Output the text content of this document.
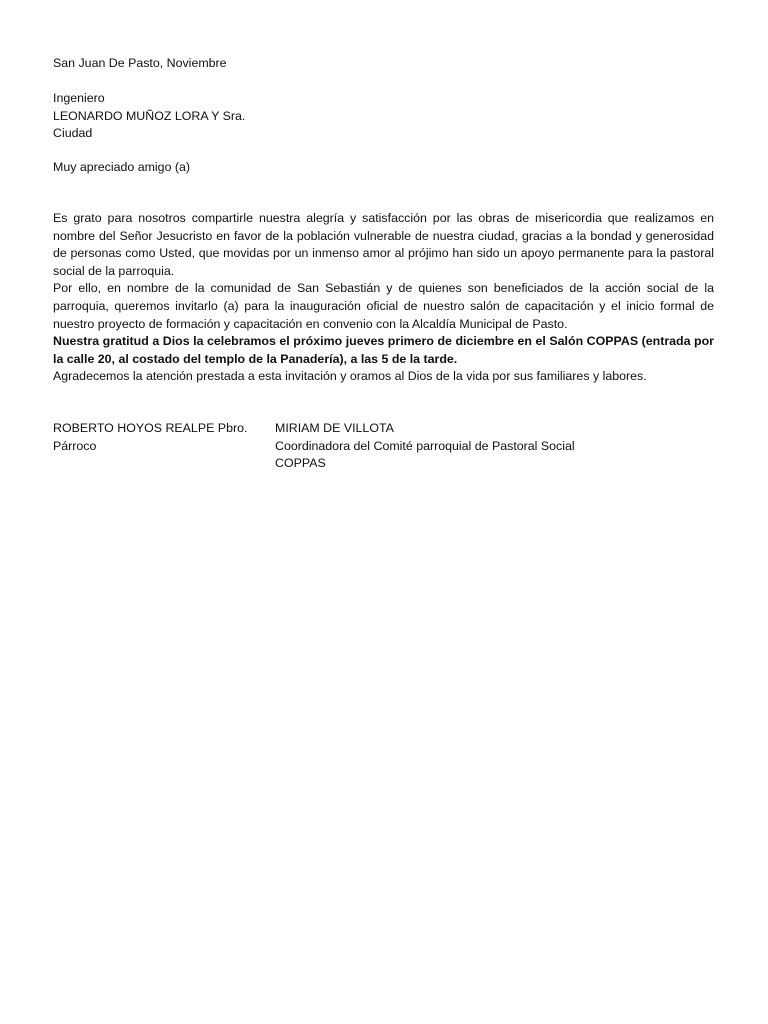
San Juan De Pasto, Noviembre
Ingeniero
LEONARDO MUÑOZ LORA Y Sra.
Ciudad
Muy apreciado amigo (a)

Es grato para nosotros compartirle nuestra alegría y satisfacción por las obras de misericordia que realizamos en nombre del Señor Jesucristo en favor de la población vulnerable de nuestra ciudad, gracias a la bondad y generosidad de personas como Usted, que movidas por un inmenso amor al prójimo han sido un apoyo permanente para la pastoral social de la parroquia.

Por ello, en nombre de la comunidad de San Sebastián y de quienes son beneficiados de la acción social de la parroquia, queremos invitarlo (a) para la inauguración oficial de nuestro salón de capacitación y el inicio formal de nuestro proyecto de formación y capacitación en convenio con la Alcaldía Municipal de Pasto.

Nuestra gratitud a Dios la celebramos el próximo jueves primero de diciembre en el Salón COPPAS (entrada por la calle 20, al costado del templo de la Panadería), a las 5 de la tarde.

Agradecemos la atención prestada a esta invitación y oramos al Dios de la vida por sus familiares y labores.

ROBERTO HOYOS REALPE Pbro.
Párroco
MIRIAM DE VILLOTA
Coordinadora del Comité parroquial de Pastoral Social
COPPAS
